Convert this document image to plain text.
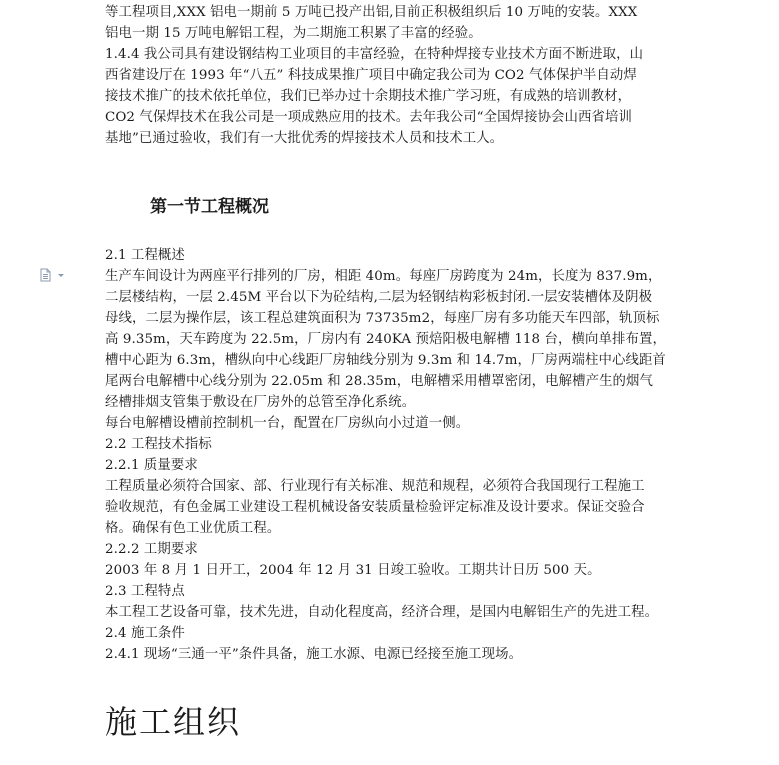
等工程项目,XXX 铝电一期前 5 万吨已投产出铝,目前正积极组织后 10 万吨的安装。XXX
铝电一期 15 万吨电解铝工程，为二期施工积累了丰富的经验。
1.4.4 我公司具有建设钢结构工业项目的丰富经验，在特种焊接专业技术方面不断进取，山
西省建设厅在 1993 年“八五” 科技成果推广项目中确定我公司为 CO2 气体保护半自动焊
接技术推广的技术依托单位，我们已举办过十余期技术推广学习班，有成熟的培训教材，
CO2 气保焊技术在我公司是一项成熟应用的技术。去年我公司“全国焊接协会山西省培训
基地”已通过验收，我们有一大批优秀的焊接技术人员和技术工人。
第一节工程概况
2.1 工程概述
生产车间设计为两座平行排列的厂房，相距 40m。每座厂房跨度为 24m，长度为 837.9m，
二层楼结构，一层 2.45M 平台以下为砼结构,二层为轻钢结构彩板封闭.一层安装槽体及阴极
母线，二层为操作层，该工程总建筑面积为 73735m2，每座厂房有多功能天车四部，轨顶标
高 9.35m，天车跨度为 22.5m，厂房内有 240KA 预焙阳极电解槽 118 台，横向单排布置，
槽中心距为 6.3m，槽纵向中心线距厂房轴线分别为 9.3m 和 14.7m，厂房两端柱中心线距首
尾两台电解槽中心线分别为 22.05m 和 28.35m，电解槽采用槽罩密闭，电解槽产生的烟气
经槽排烟支管集于敷设在厂房外的总管至净化系统。
每台电解槽设槽前控制机一台，配置在厂房纵向小过道一侧。
2.2 工程技术指标
2.2.1 质量要求
工程质量必须符合国家、部、行业现行有关标准、规范和规程，必须符合我国现行工程施工
验收规范，有色金属工业建设工程机械设备安装质量检验评定标准及设计要求。保证交验合
格。确保有色工业优质工程。
2.2.2 工期要求
2003 年 8 月 1 日开工，2004 年 12 月 31 日竣工验收。工期共计日历 500 天。
2.3 工程特点
本工程工艺设备可靠，技术先进，自动化程度高，经济合理，是国内电解铝生产的先进工程。
2.4 施工条件
2.4.1 现场“三通一平”条件具备，施工水源、电源已经接至施工现场。
施工组织
